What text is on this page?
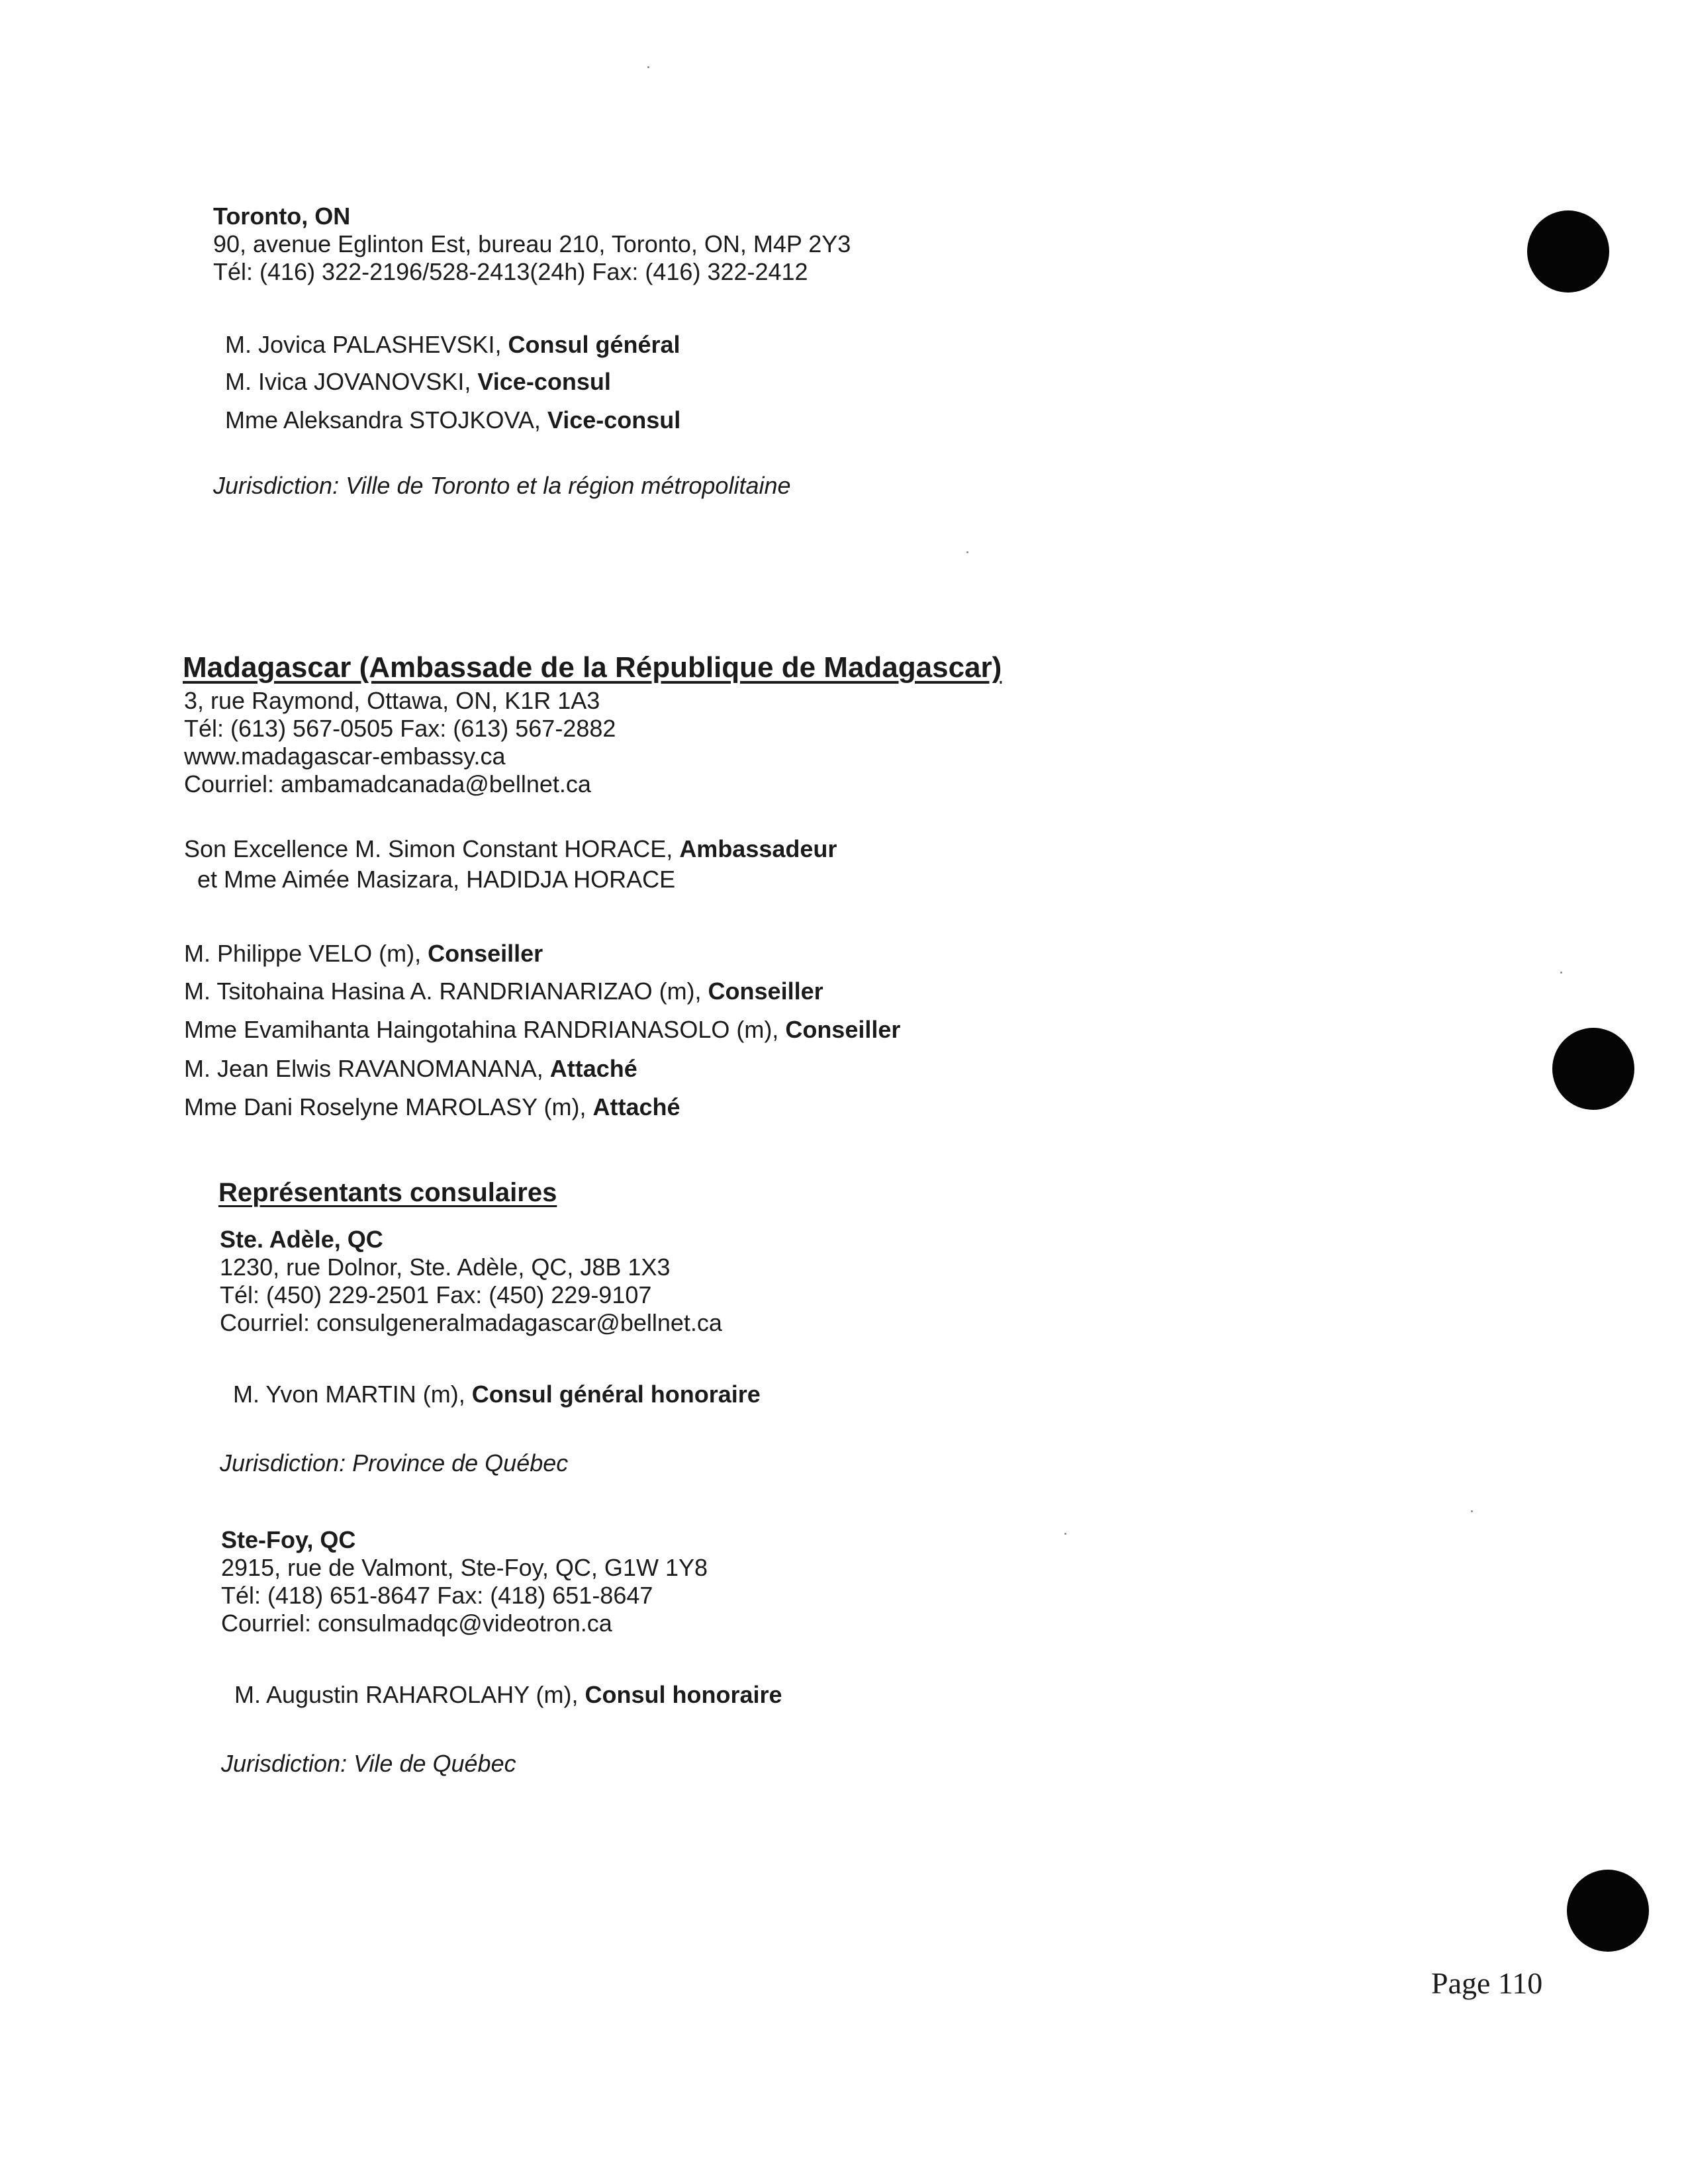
Toronto, ON
90, avenue Eglinton Est, bureau 210, Toronto, ON, M4P 2Y3
Tél: (416) 322-2196/528-2413(24h) Fax: (416) 322-2412
M. Jovica PALASHEVSKI, Consul général
M. Ivica JOVANOVSKI, Vice-consul
Mme Aleksandra STOJKOVA, Vice-consul
Jurisdiction: Ville de Toronto et la région métropolitaine
Madagascar (Ambassade de la République de Madagascar)
3, rue Raymond, Ottawa, ON, K1R 1A3
Tél: (613) 567-0505 Fax: (613) 567-2882
www.madagascar-embassy.ca
Courriel: ambamadcanada@bellnet.ca
Son Excellence M. Simon Constant HORACE, Ambassadeur
et Mme Aimée Masizara, HADIDJA HORACE
M. Philippe VELO (m), Conseiller
M. Tsitohaina Hasina A. RANDRIANARIZAO (m), Conseiller
Mme Evamihanta Haingotahina RANDRIANASOLO (m), Conseiller
M. Jean Elwis RAVANOMANANA, Attaché
Mme Dani Roselyne MAROLASY (m), Attaché
Représentants consulaires
Ste. Adèle, QC
1230, rue Dolnor, Ste. Adèle, QC, J8B 1X3
Tél: (450) 229-2501 Fax: (450) 229-9107
Courriel: consulgeneralmadagascar@bellnet.ca
M. Yvon MARTIN (m), Consul général honoraire
Jurisdiction: Province de Québec
Ste-Foy, QC
2915, rue de Valmont, Ste-Foy, QC, G1W 1Y8
Tél: (418) 651-8647 Fax: (418) 651-8647
Courriel: consulmadqc@videotron.ca
M. Augustin RAHAROLAHY (m), Consul honoraire
Jurisdiction: Vile de Québec
Page 110
